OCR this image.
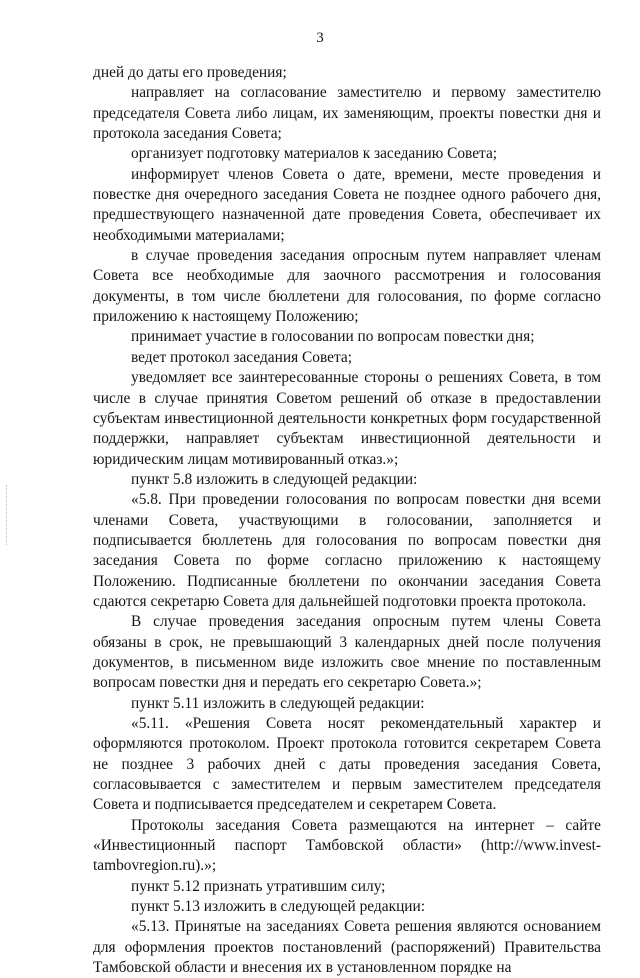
3

дней до даты его проведения;

направляет на согласование заместителю и первому заместителю председателя Совета либо лицам, их заменяющим, проекты повестки дня и протокола заседания Совета;

организует подготовку материалов к заседанию Совета;

информирует членов Совета о дате, времени, месте проведения и повестке дня очередного заседания Совета не позднее одного рабочего дня, предшествующего назначенной дате проведения Совета, обеспечивает их необходимыми материалами;

в случае проведения заседания опросным путем направляет членам Совета все необходимые для заочного рассмотрения и голосования документы, в том числе бюллетени для голосования, по форме согласно приложению к настоящему Положению;

принимает участие в голосовании по вопросам повестки дня;

ведет протокол заседания Совета;

уведомляет все заинтересованные стороны о решениях Совета, в том числе в случае принятия Советом решений об отказе в предоставлении субъектам инвестиционной деятельности конкретных форм государственной поддержки, направляет субъектам инвестиционной деятельности и юридическим лицам мотивированный отказ.»;

пункт 5.8 изложить в следующей редакции:

«5.8. При проведении голосования по вопросам повестки дня всеми членами Совета, участвующими в голосовании, заполняется и подписывается бюллетень для голосования по вопросам повестки дня заседания Совета по форме согласно приложению к настоящему Положению. Подписанные бюллетени по окончании заседания Совета сдаются секретарю Совета для дальнейшей подготовки проекта протокола.

В случае проведения заседания опросным путем члены Совета обязаны в срок, не превышающий 3 календарных дней после получения документов, в письменном виде изложить свое мнение по поставленным вопросам повестки дня и передать его секретарю Совета.»;

пункт 5.11 изложить в следующей редакции:

«5.11. «Решения Совета носят рекомендательный характер и оформляются протоколом. Проект протокола готовится секретарем Совета не позднее 3 рабочих дней с даты проведения заседания Совета, согласовывается с заместителем и первым заместителем председателя Совета и подписывается председателем и секретарем Совета.

Протоколы заседания Совета размещаются на интернет – сайте «Инвестиционный паспорт Тамбовской области» (http://www.invest-tambovregion.ru).»;

пункт 5.12 признать утратившим силу;

пункт 5.13 изложить в следующей редакции:

«5.13. Принятые на заседаниях Совета решения являются основанием для оформления проектов постановлений (распоряжений) Правительства Тамбовской области и внесения их в установленном порядке на
